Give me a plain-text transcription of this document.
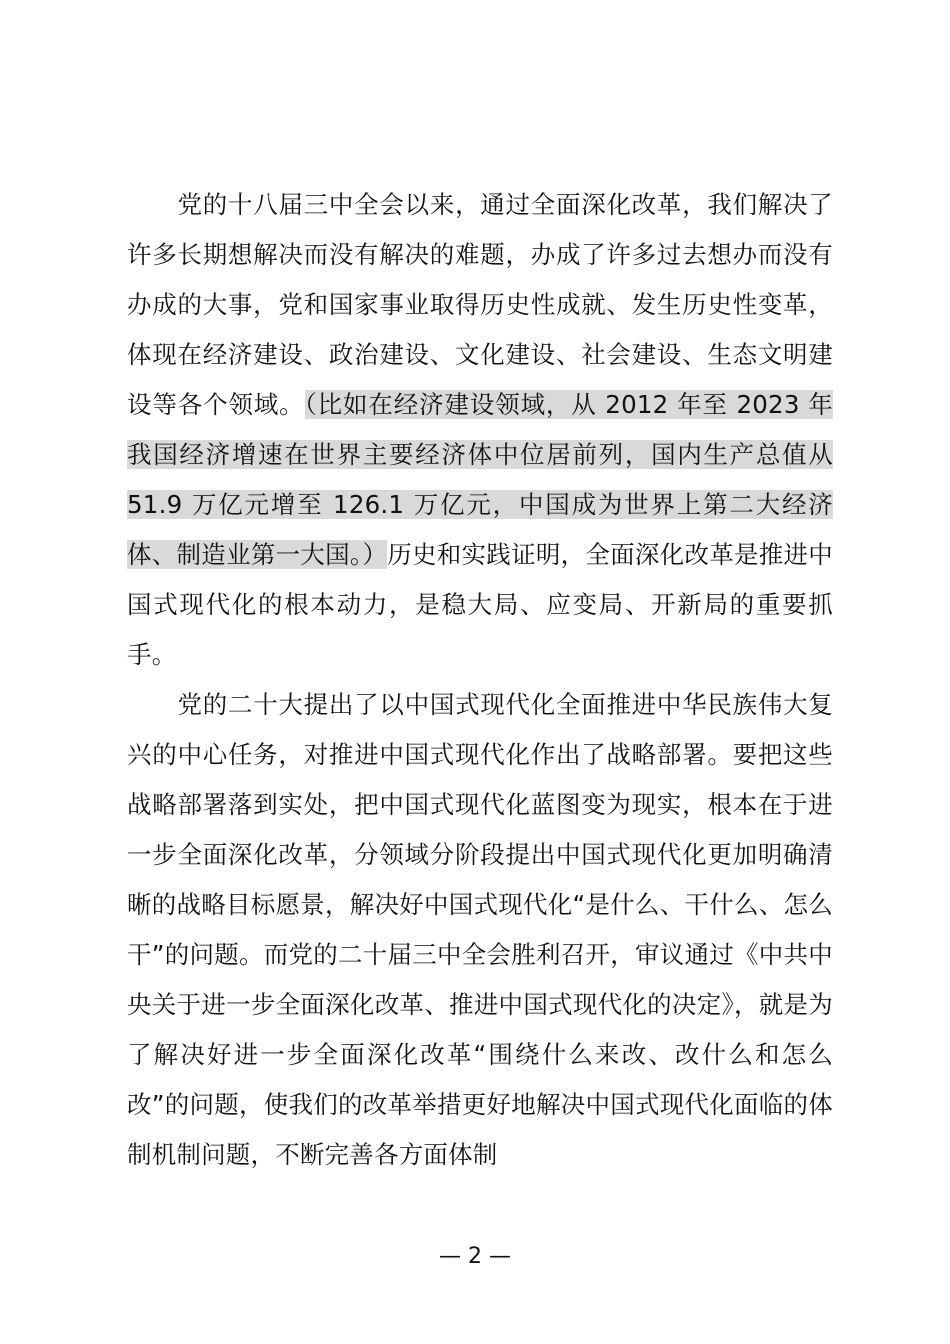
党的十八届三中全会以来，通过全面深化改革，我们解决了许多长期想解决而没有解决的难题，办成了许多过去想办而没有办成的大事，党和国家事业取得历史性成就、发生历史性变革，体现在经济建设、政治建设、文化建设、社会建设、生态文明建设等各个领域。（比如在经济建设领域，从 2012 年至 2023 年我国经济增速在世界主要经济体中位居前列，国内生产总值从 51.9 万亿元增至 126.1 万亿元，中国成为世界上第二大经济体、制造业第一大国。）历史和实践证明，全面深化改革是推进中国式现代化的根本动力，是稳大局、应变局、开新局的重要抓手。

党的二十大提出了以中国式现代化全面推进中华民族伟大复兴的中心任务，对推进中国式现代化作出了战略部署。要把这些战略部署落到实处，把中国式现代化蓝图变为现实，根本在于进一步全面深化改革，分领域分阶段提出中国式现代化更加明确清晰的战略目标愿景，解决好中国式现代化“是什么、干什么、怎么干”的问题。而党的二十届三中全会胜利召开，审议通过《中共中央关于进一步全面深化改革、推进中国式现代化的决定》，就是为了解决好进一步全面深化改革“围绕什么来改、改什么和怎么改”的问题，使我们的改革举措更好地解决中国式现代化面临的体制机制问题，不断完善各方面体制

— 2 —
